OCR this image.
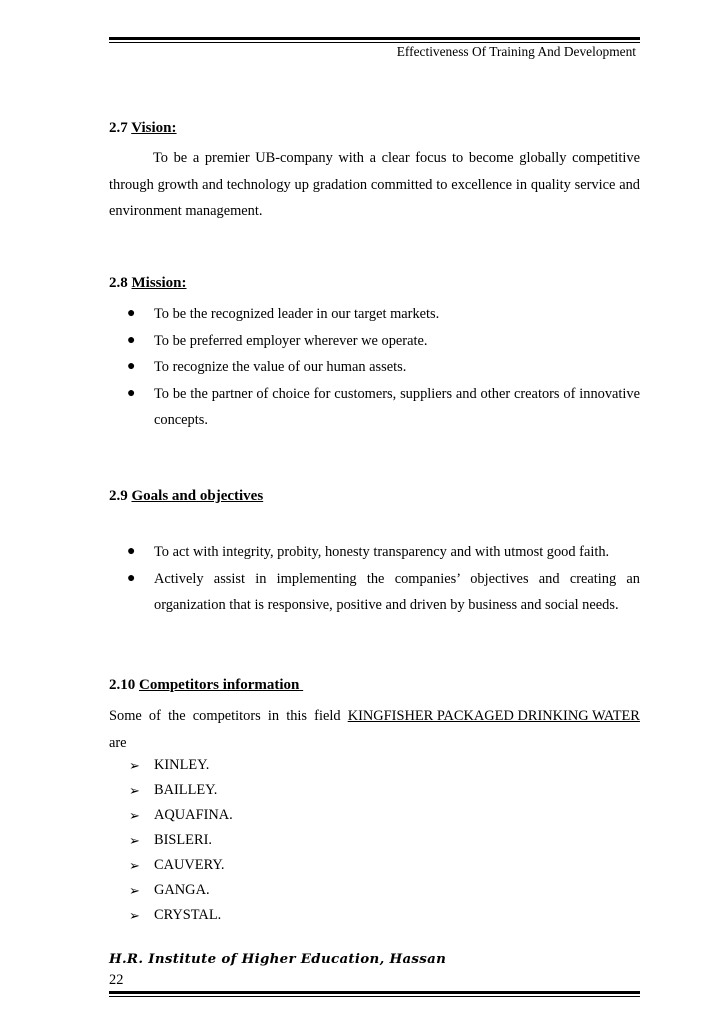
Effectiveness Of Training And Development
2.7 Vision:
To be a premier UB-company with a clear focus to become globally competitive through growth and technology up gradation committed to excellence in quality service and environment management.
2.8 Mission:
● To be the recognized leader in our target markets.
● To be preferred employer wherever we operate.
● To recognize the value of our human assets.
● To be the partner of choice for customers, suppliers and other creators of innovative concepts.
2.9 Goals and objectives
● To act with integrity, probity, honesty transparency and with utmost good faith.
● Actively assist in implementing the companies’ objectives and creating an organization that is responsive, positive and driven by business and social needs.
2.10 Competitors information
Some of the competitors in this field KINGFISHER PACKAGED DRINKING WATER
are
➢ KINLEY.
➢ BAILLEY.
➢ AQUAFINA.
➢ BISLERI.
➢ CAUVERY.
➢ GANGA.
➢ CRYSTAL.
H.R. Institute of Higher Education, Hassan
22
